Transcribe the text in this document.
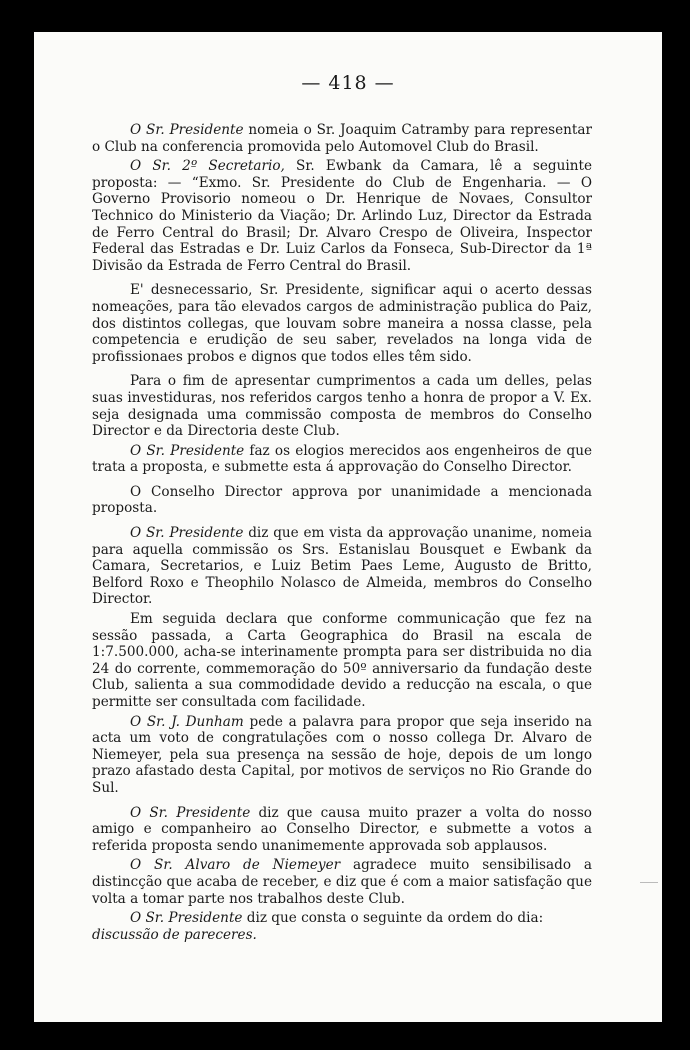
— 418 —

O Sr. Presidente nomeia o Sr. Joaquim Catramby para representar o Club na conferencia promovida pelo Automovel Club do Brasil.

O Sr. 2º Secretario, Sr. Ewbank da Camara, lê a seguinte proposta: — “Exmo. Sr. Presidente do Club de Engenharia. — O Governo Provisorio nomeou o Dr. Henrique de Novaes, Consultor Technico do Ministerio da Viação; Dr. Arlindo Luz, Director da Estrada de Ferro Central do Brasil; Dr. Alvaro Crespo de Oliveira, Inspector Federal das Estradas e Dr. Luiz Carlos da Fonseca, Sub-Director da 1ª Divisão da Estrada de Ferro Central do Brasil.

E' desnecessario, Sr. Presidente, significar aqui o acerto dessas nomeações, para tão elevados cargos de administração publica do Paiz, dos distintos collegas, que louvam sobre maneira a nossa classe, pela competencia e erudição de seu saber, revelados na longa vida de profissionaes probos e dignos que todos elles têm sido.

Para o fim de apresentar cumprimentos a cada um delles, pelas suas investiduras, nos referidos cargos tenho a honra de propor a V. Ex. seja designada uma commissão composta de membros do Conselho Director e da Directoria deste Club.

O Sr. Presidente faz os elogios merecidos aos engenheiros de que trata a proposta, e submette esta á approvação do Conselho Director.

O Conselho Director approva por unanimidade a mencionada proposta.

O Sr. Presidente diz que em vista da approvação unanime, nomeia para aquella commissão os Srs. Estanislau Bousquet e Ewbank da Camara, Secretarios, e Luiz Betim Paes Leme, Augusto de Britto, Belford Roxo e Theophilo Nolasco de Almeida, membros do Conselho Director.

Em seguida declara que conforme communicação que fez na sessão passada, a Carta Geographica do Brasil na escala de 1:7.500.000, acha-se interinamente prompta para ser distribuida no dia 24 do corrente, commemoração do 50º anniversario da fundação deste Club, salienta a sua commodidade devido a reducção na escala, o que permitte ser consultada com facilidade.

O Sr. J. Dunham pede a palavra para propor que seja inserido na acta um voto de congratulações com o nosso collega Dr. Alvaro de Niemeyer, pela sua presença na sessão de hoje, depois de um longo prazo afastado desta Capital, por motivos de serviços no Rio Grande do Sul.

O Sr. Presidente diz que causa muito prazer a volta do nosso amigo e companheiro ao Conselho Director, e submette a votos a referida proposta sendo unanimemente approvada sob applausos.

O Sr. Alvaro de Niemeyer agradece muito sensibilisado a distincção que acaba de receber, e diz que é com a maior satisfação que volta a tomar parte nos trabalhos deste Club.

O Sr. Presidente diz que consta o seguinte da ordem do dia:
discussão de pareceres.
